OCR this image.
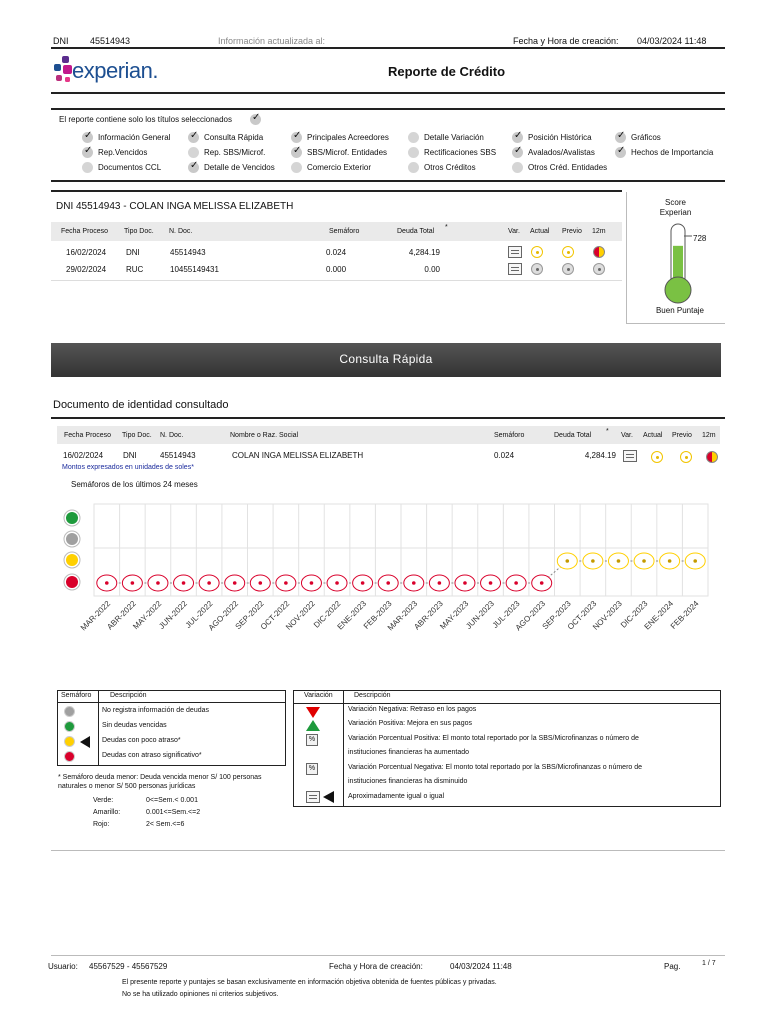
DNI 45514943	Información actualizada al:	Fecha y Hora de creación: 04/03/2024 11:48
experian.	Reporte de Crédito
El reporte contiene solo los títulos seleccionados
✓
DNI 45514943 - COLAN INGA MELISSA ELIZABETH	Score
Experian
728
Buen Puntaje
Consulta Rápida
Documento de identidad consultado
Montos expresados en unidades de soles*
Semáforos de los últimos 24 meses
MAR-2022
ABR-2022
MAY-2022
JUN-2022
JUL-2022
AGO-2022
SEP-2022
OCT-2022
NOV-2022
DIC-2022
ENE-2023
FEB-2023
MAR-2023
ABR-2023
MAY-2023
JUN-2023
JUL-2023
AGO-2023
SEP-2023
OCT-2023
NOV-2023
DIC-2023
ENE-2024
FEB-2024
Semáforo	Descripción
* Semáforo deuda menor: Deuda vencida menor S/ 100 personas naturales o menor S/ 500 personas jurídicas
Variación	Descripción
Usuario: 45567529 - 45567529	Fecha y Hora de creación:	04/03/2024 11:48	Pag.	1 / 7
El presente reporte y puntajes se basan exclusivamente en información objetiva obtenida de fuentes públicas y privadas.
No se ha utilizado opiniones ni criterios subjetivos.
✓
Información General
✓
Rep.Vencidos
Documentos CCL
✓
Consulta Rápida
Rep. SBS/Microf.
✓
Detalle de Vencidos
✓
Principales Acreedores
✓
SBS/Microf. Entidades
Comercio Exterior
Detalle Variación
Rectificaciones SBS
Otros Créditos
✓
Posición Histórica
✓
Avalados/Avalistas
Otros Créd. Entidades
✓
Gráficos
✓
Hechos de Importancia
Fecha Proceso Tipo Doc. N. Doc.	Semáforo	Deuda Total
*
Var. Actual Previo 12m
16/02/2024 DNI	45514943	0.024	4,284.19
29/02/2024 RUC	10455149431	0.000	0.00
Fecha Proceso Tipo Doc. N. Doc.	Nombre o Raz. Social	Semáforo	Deuda Total
*
Var. Actual Previo 12m
16/02/2024 DNI	45514943	COLAN INGA MELISSA ELIZABETH	0.024	4,284.19
No registra información de deudas
Sin deudas vencidas
Deudas con poco atraso*
Deudas con atraso significativo*
Verde:	0<=Sem.< 0.001
Amarillo:	0.001<=Sem.<=2
Rojo:	2< Sem.<=6
Variación Negativa: Retraso en los pagos
Variación Positiva: Mejora en sus pagos
Variación Porcentual Positiva: El monto total reportado por la SBS/Microfinanzas o número de
instituciones financieras ha aumentado
Variación Porcentual Negativa: El monto total reportado por la SBS/Microfinanzas o número de
instituciones financieras ha disminuido
Aproximadamente igual o igual
%
%
